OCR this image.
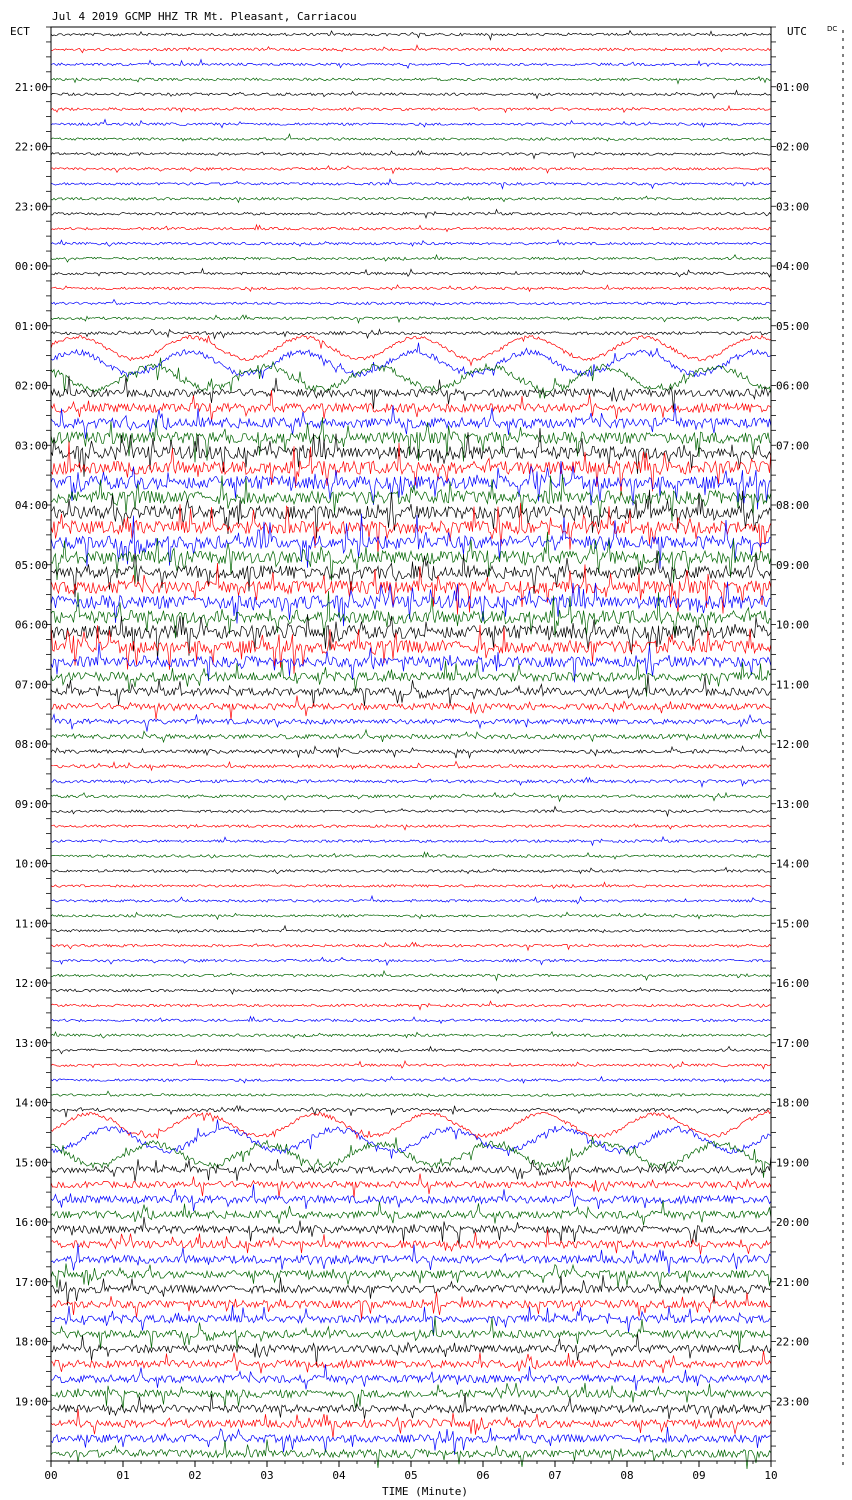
Jul 4 2019 GCMP HHZ TR Mt. Pleasant, Carriacou
ECT	UTC	DC
TIME (Minute)
21:00
22:00
23:00
00:00
01:00
02:00
03:00
04:00
05:00
06:00
07:00
08:00
09:00
10:00
11:00
12:00
13:00
14:00
15:00
16:00
17:00
18:00
19:00
01:00
02:00
03:00
04:00
05:00
06:00
07:00
08:00
09:00
10:00
11:00
12:00
13:00
14:00
15:00
16:00
17:00
18:00
19:00
20:00
21:00
22:00
23:00
00	01	02	03	04	05	06	07	08	09	10
